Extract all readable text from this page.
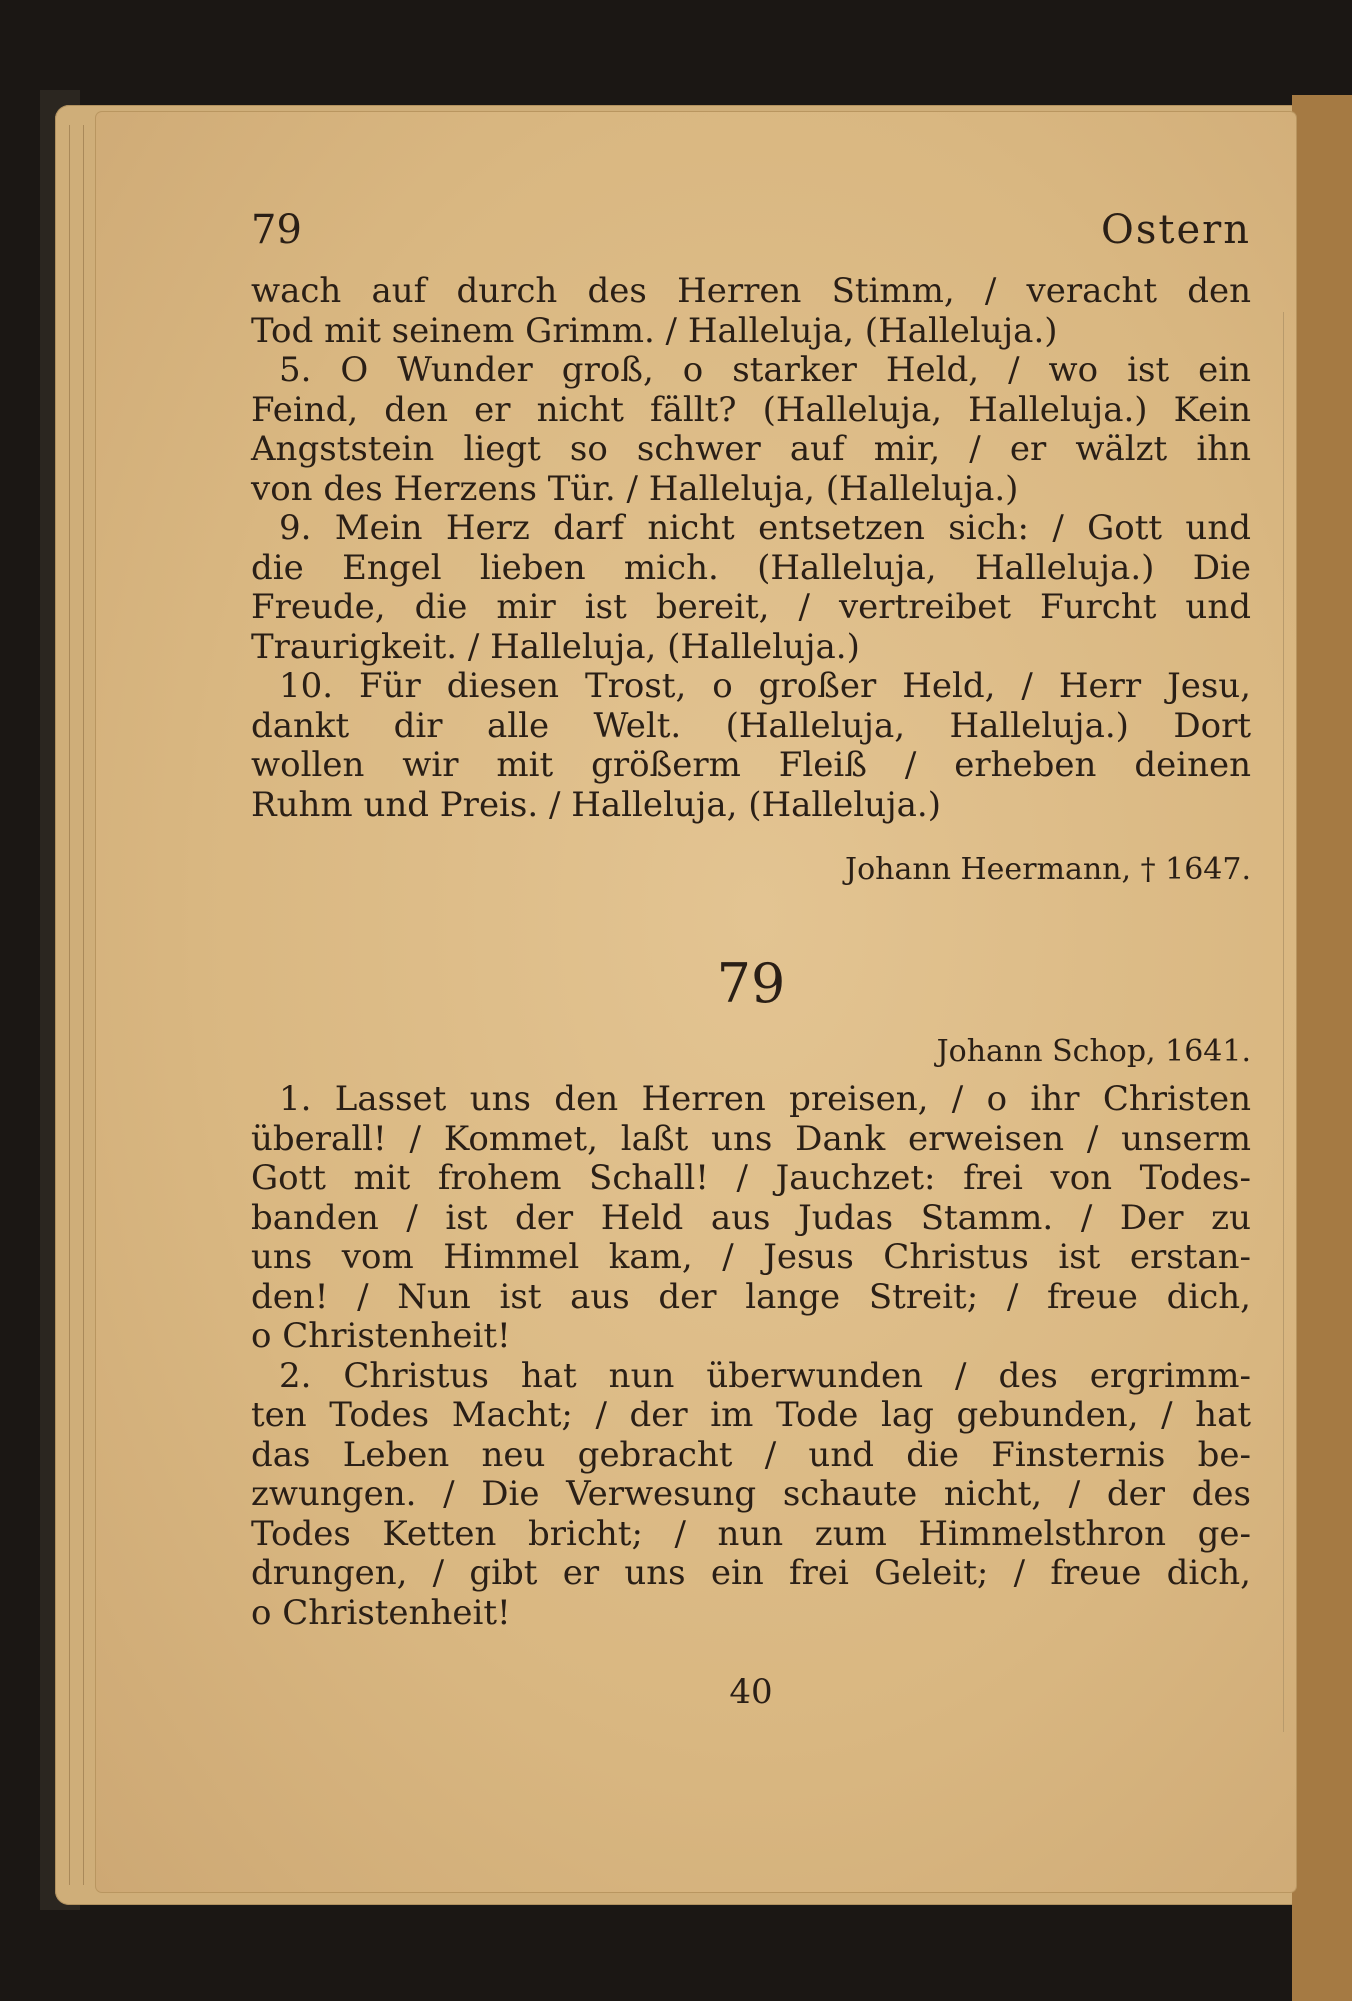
79	Ostern
wach auf durch des Herren Stimm, / veracht den
Tod mit seinem Grimm. / Halleluja, (Halleluja.)
5. O Wunder groß, o starker Held, / wo ist ein
Feind, den er nicht fällt? (Halleluja, Halleluja.) Kein
Angststein liegt so schwer auf mir, / er wälzt ihn
von des Herzens Tür. / Halleluja, (Halleluja.)
9. Mein Herz darf nicht entsetzen sich: / Gott und
die Engel lieben mich. (Halleluja, Halleluja.) Die
Freude, die mir ist bereit, / vertreibet Furcht und
Traurigkeit. / Halleluja, (Halleluja.)
10. Für diesen Trost, o großer Held, / Herr Jesu,
dankt dir alle Welt. (Halleluja, Halleluja.) Dort
wollen wir mit größerm Fleiß / erheben deinen
Ruhm und Preis. / Halleluja, (Halleluja.)
Johann Heermann, † 1647.
79
Johann Schop, 1641.
1. Lasset uns den Herren preisen, / o ihr Christen
überall! / Kommet, laßt uns Dank erweisen / unserm
Gott mit frohem Schall! / Jauchzet: frei von Todes-
banden / ist der Held aus Judas Stamm. / Der zu
uns vom Himmel kam, / Jesus Christus ist erstan-
den! / Nun ist aus der lange Streit; / freue dich,
o Christenheit!
2. Christus hat nun überwunden / des ergrimm-
ten Todes Macht; / der im Tode lag gebunden, / hat
das Leben neu gebracht / und die Finsternis be-
zwungen. / Die Verwesung schaute nicht, / der des
Todes Ketten bricht; / nun zum Himmelsthron ge-
drungen, / gibt er uns ein frei Geleit; / freue dich,
o Christenheit!
40
